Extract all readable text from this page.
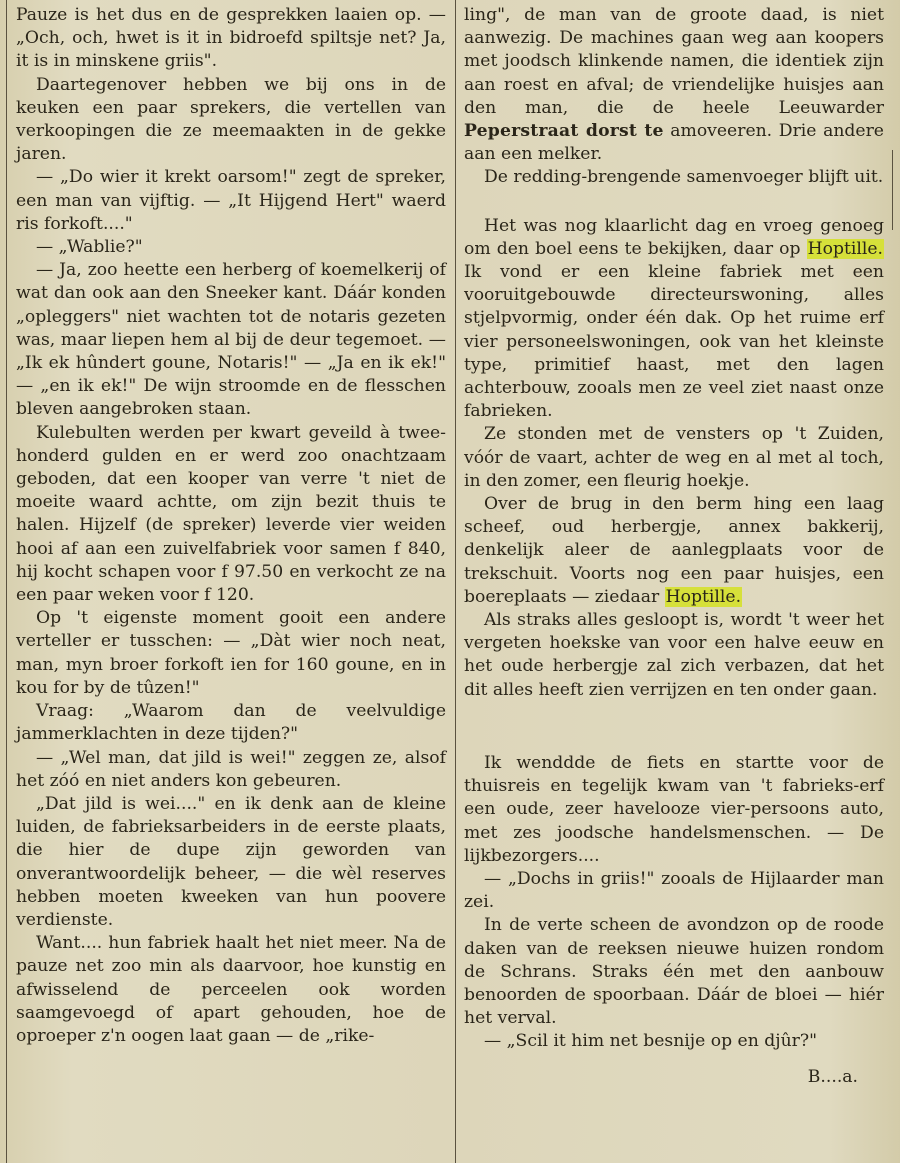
Pauze is het dus en de gesprekken laaien op. — „Och, och, hwet is it in bidroefd spiltsje net? Ja, it is in minskene griis".

Daartegenover hebben we bij ons in de keuken een paar sprekers, die vertellen van verkoopingen die ze meemaakten in de gekke jaren.

— „Do wier it krekt oarsom!" zegt de spreker, een man van vijftig. — „It Hijgend Hert" waerd ris forkoft...."

— „Wablie?"

— Ja, zoo heette een herberg of koemelkerij of wat dan ook aan den Sneeker kant. Dáár konden „opleggers" niet wachten tot de notaris gezeten was, maar liepen hem al bij de deur tegemoet. — „Ik ek hûndert goune, Notaris!" — „Ja en ik ek!" — „en ik ek!" De wijn stroomde en de flesschen bleven aangebroken staan.

Kulebulten werden per kwart geveild à twee-honderd gulden en er werd zoo onachtzaam geboden, dat een kooper van verre 't niet de moeite waard achtte, om zijn bezit thuis te halen. Hijzelf (de spreker) leverde vier weiden hooi af aan een zuivelfabriek voor samen f 840, hij kocht schapen voor f 97.50 en verkocht ze na een paar weken voor f 120.

Op 't eigenste moment gooit een andere verteller er tusschen: — „Dàt wier noch neat, man, myn broer forkoft ien for 160 goune, en in kou for by de tûzen!"

Vraag: „Waarom dan de veelvuldige jammerklachten in deze tijden?"

— „Wel man, dat jild is wei!" zeggen ze, alsof het zóó en niet anders kon gebeuren.

„Dat jild is wei...." en ik denk aan de kleine luiden, de fabrieksarbeiders in de eerste plaats, die hier de dupe zijn geworden van onverantwoordelijk beheer, — die wèl reserves hebben moeten kweeken van hun poovere verdienste.

Want.... hun fabriek haalt het niet meer. Na de pauze net zoo min als daarvoor, hoe kunstig en afwisselend de perceelen ook worden saamgevoegd of apart gehouden, hoe de oproeper z'n oogen laat gaan — de „rike-

ling", de man van de groote daad, is niet aanwezig. De machines gaan weg aan koopers met joodsch klinkende namen, die identiek zijn aan roest en afval; de vriendelijke huisjes aan den man, die de heele Leeuwarder Peperstraat dorst te amoveeren. Drie andere aan een melker.

De redding-brengende samenvoeger blijft uit.

Het was nog klaarlicht dag en vroeg genoeg om den boel eens te bekijken, daar op Hoptille. Ik vond er een kleine fabriek met een vooruitgebouwde directeurswoning, alles stjelpvormig, onder één dak. Op het ruime erf vier personeelswoningen, ook van het kleinste type, primitief haast, met den lagen achterbouw, zooals men ze veel ziet naast onze fabrieken.

Ze stonden met de vensters op 't Zuiden, vóór de vaart, achter de weg en al met al toch, in den zomer, een fleurig hoekje.

Over de brug in den berm hing een laag scheef, oud herbergje, annex bakkerij, denkelijk aleer de aanlegplaats voor de trekschuit. Voorts nog een paar huisjes, een boereplaats — ziedaar Hoptille.

Als straks alles gesloopt is, wordt 't weer het vergeten hoekske van voor een halve eeuw en het oude herbergje zal zich verbazen, dat het dit alles heeft zien verrijzen en ten onder gaan.

Ik wenddde de fiets en startte voor de thuisreis en tegelijk kwam van 't fabrieks-erf een oude, zeer havelooze vier-persoons auto, met zes joodsche handelsmenschen. — De lijkbezorgers....

— „Dochs in griis!" zooals de Hijlaarder man zei.

In de verte scheen de avondzon op de roode daken van de reeksen nieuwe huizen rondom de Schrans. Straks één met den aanbouw benoorden de spoorbaan. Dáár de bloei — hiér het verval.

— „Scil it him net besnije op en djûr?"

B....a.
